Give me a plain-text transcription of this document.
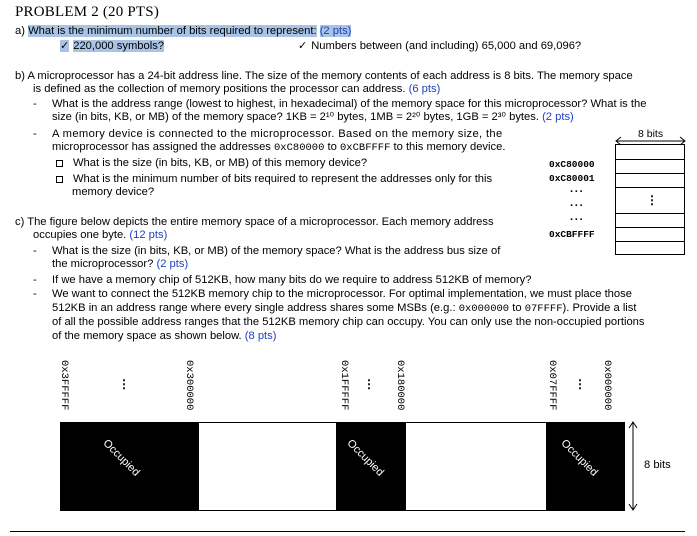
PROBLEM 2 (20 PTS)
a) What is the minimum number of bits required to represent: (2 pts)
✓ 220,000 symbols?	✓ Numbers between (and including) 65,000 and 69,096?
b) A microprocessor has a 24-bit address line. The size of the memory contents of each address is 8 bits. The memory space
is defined as the collection of memory positions the processor can address. (6 pts)
- What is the address range (lowest to highest, in hexadecimal) of the memory space for this microprocessor? What is the
size (in bits, KB, or MB) of the memory space? 1KB = 2¹⁰ bytes, 1MB = 2²⁰ bytes, 1GB = 2³⁰ bytes. (2 pts)
- A memory device is connected to the microprocessor. Based on the memory size, the
microprocessor has assigned the addresses 0xC80000 to 0xCBFFFF to this memory device.
What is the size (in bits, KB, or MB) of this memory device?
What is the minimum number of bits required to represent the addresses only for this
memory device?
8 bits
⋮
0xC80000
0xC80001
···
···
···
0xCBFFFF
c) The figure below depicts the entire memory space of a microprocessor. Each memory address
occupies one byte. (12 pts)
- What is the size (in bits, KB, or MB) of the memory space? What is the address bus size of
the microprocessor? (2 pts)
- If we have a memory chip of 512KB, how many bits do we require to address 512KB of memory?
- We want to connect the 512KB memory chip to the microprocessor. For optimal implementation, we must place those
512KB in an address range where every single address shares some MSBs (e.g.: 0x000000 to 07FFFF). Provide a list
of all the possible address ranges that the 512KB memory chip can occupy. You can only use the non-occupied portions
of the memory space as shown below. (8 pts)
0x3FFFFF	⋮	0x300000	0x1FFFFF ⋮ 0x180000	0x07FFFF ⋮ 0x000000
Occupied	Occupied	Occupied	8 bits
